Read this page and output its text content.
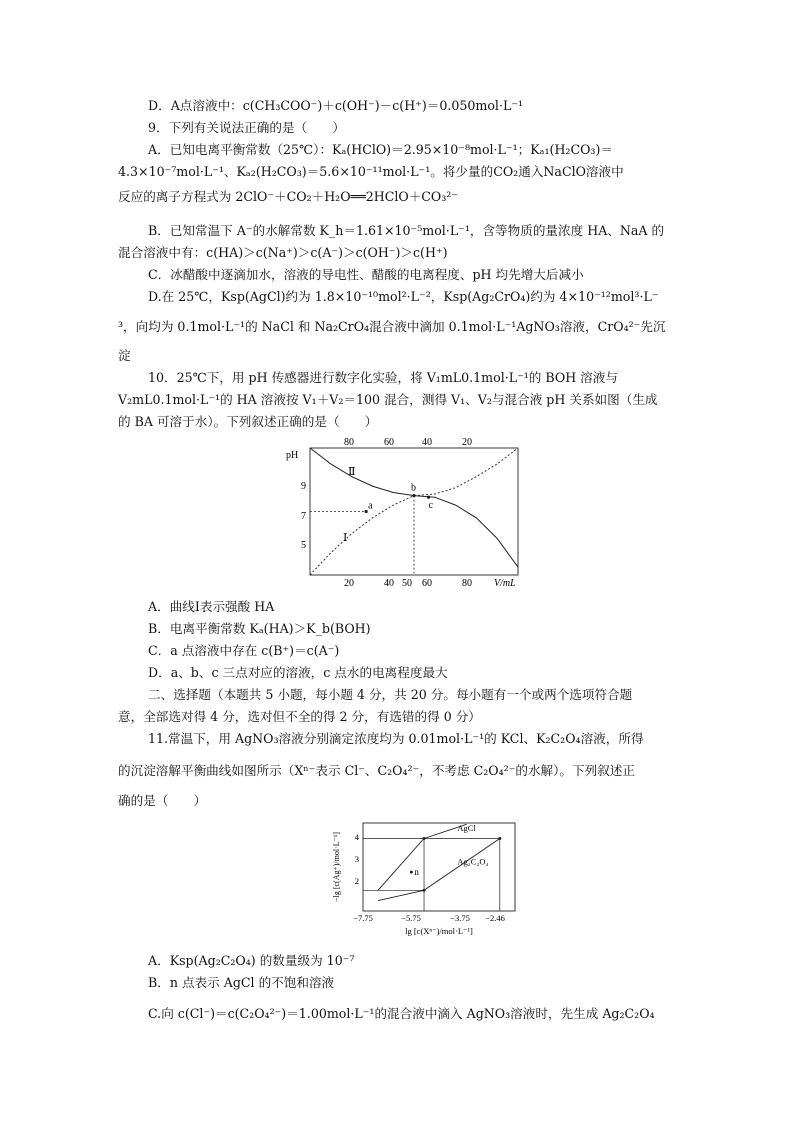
D．A点溶液中：c(CH₃COO⁻)＋c(OH⁻)－c(H⁺)＝0.050mol·L⁻¹
9．下列有关说法正确的是（　　）
A．已知电离平衡常数（25℃）：Kₐ(HClO)＝2.95×10⁻⁸mol·L⁻¹；Kₐ₁(H₂CO₃)＝
4.3×10⁻⁷mol·L⁻¹、Kₐ₂(H₂CO₃)＝5.6×10⁻¹¹mol·L⁻¹。将少量的CO₂通入NaClO溶液中
反应的离子方程式为 2ClO⁻＋CO₂＋H₂O══2HClO＋CO₃²⁻
B．已知常温下 A⁻的水解常数 K_h＝1.61×10⁻⁵mol·L⁻¹，含等物质的量浓度 HA、NaA 的
混合溶液中有：c(HA)＞c(Na⁺)＞c(A⁻)＞c(OH⁻)＞c(H⁺)
C．冰醋酸中逐滴加水，溶液的导电性、醋酸的电离程度、pH 均先增大后减小
D.在 25℃，Ksp(AgCl)约为 1.8×10⁻¹⁰mol²·L⁻²，Ksp(Ag₂CrO₄)约为 4×10⁻¹²mol³·L⁻
³，向均为 0.1mol·L⁻¹的 NaCl 和 Na₂CrO₄混合液中滴加 0.1mol·L⁻¹AgNO₃溶液，CrO₄²⁻先沉
淀
10．25℃下，用 pH 传感器进行数字化实验，将 V₁mL0.1mol·L⁻¹的 BOH 溶液与
V₂mL0.1mol·L⁻¹的 HA 溶液按 V₁＋V₂＝100 混合，测得 V₁、V₂与混合液 pH 关系如图（生成
的 BA 可溶于水）。下列叙述正确的是（　　）
pH
V/mL
20	40 50 60	80
80	60	40	20
9
7
5
Ⅱ
Ⅰ
a
b
c
A．曲线Ⅰ表示强酸 HA
B．电离平衡常数 Kₐ(HA)＞K_b(BOH)
C．a 点溶液中存在 c(B⁺)＝c(A⁻)
D．a、b、c 三点对应的溶液，c 点水的电离程度最大
二、选择题（本题共 5 小题，每小题 4 分，共 20 分。每小题有一个或两个选项符合题
意，全部选对得 4 分，选对但不全的得 2 分，有选错的得 0 分）
11.常温下，用 AgNO₃溶液分别滴定浓度均为 0.01mol·L⁻¹的 KCl、K₂C₂O₄溶液，所得
的沉淀溶解平衡曲线如图所示（Xⁿ⁻表示 Cl⁻、C₂O₄²⁻，不考虑 C₂O₄²⁻的水解）。下列叙述正
确的是（　　）
−lg [c(Ag⁺)/mol·L⁻¹]
lg [c(Xⁿ⁻)/mol·L⁻¹]
−7.75	−5.75	−3.75 −2.46
4
3
2
AgCl
Ag₂C₂O₄
n
A．Ksp(Ag₂C₂O₄) 的数量级为 10⁻⁷
B．n 点表示 AgCl 的不饱和溶液
C.向 c(Cl⁻)＝c(C₂O₄²⁻)＝1.00mol·L⁻¹的混合液中滴入 AgNO₃溶液时，先生成 Ag₂C₂O₄
